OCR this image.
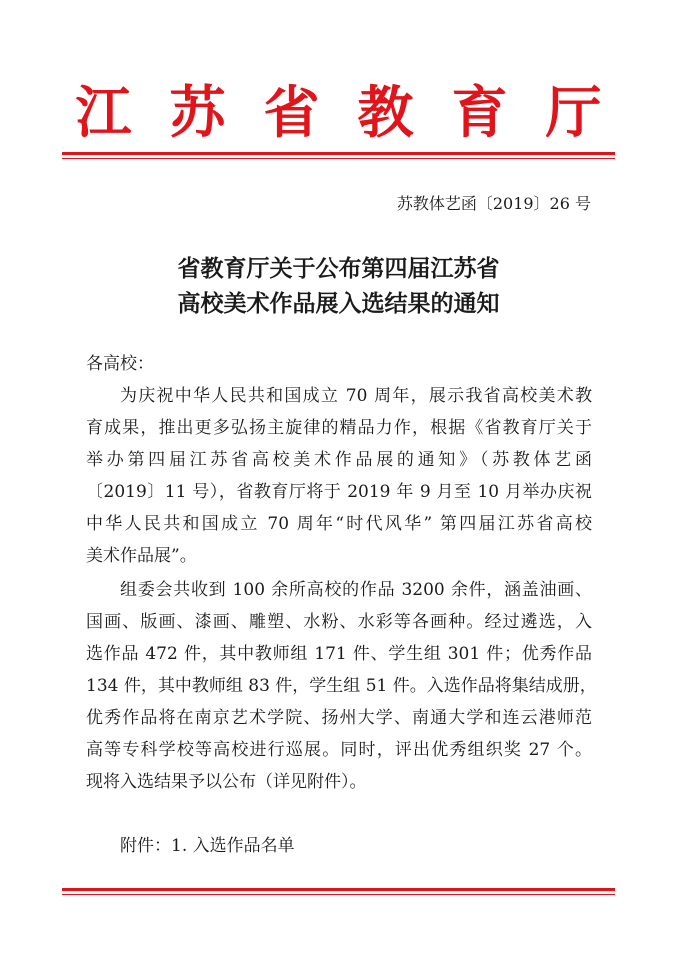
江苏省教育厅
苏教体艺函〔2019〕26 号
省教育厅关于公布第四届江苏省
高校美术作品展入选结果的通知
各高校：
为庆祝中华人民共和国成立 70 周年，展示我省高校美术教
育成果，推出更多弘扬主旋律的精品力作，根据《省教育厅关于
举办第四届江苏省高校美术作品展的通知》（苏教体艺函
〔2019〕11 号），省教育厅将于 2019 年 9 月至 10 月举办庆祝
中华人民共和国成立 70 周年“时代风华” 第四届江苏省高校
美术作品展”。
组委会共收到 100 余所高校的作品 3200 余件，涵盖油画、
国画、版画、漆画、雕塑、水粉、水彩等各画种。经过遴选，入
选作品 472 件，其中教师组 171 件、学生组 301 件；优秀作品
134 件，其中教师组 83 件，学生组 51 件。入选作品将集结成册，
优秀作品将在南京艺术学院、扬州大学、南通大学和连云港师范
高等专科学校等高校进行巡展。同时，评出优秀组织奖 27 个。
现将入选结果予以公布（详见附件）。
附件：1. 入选作品名单
